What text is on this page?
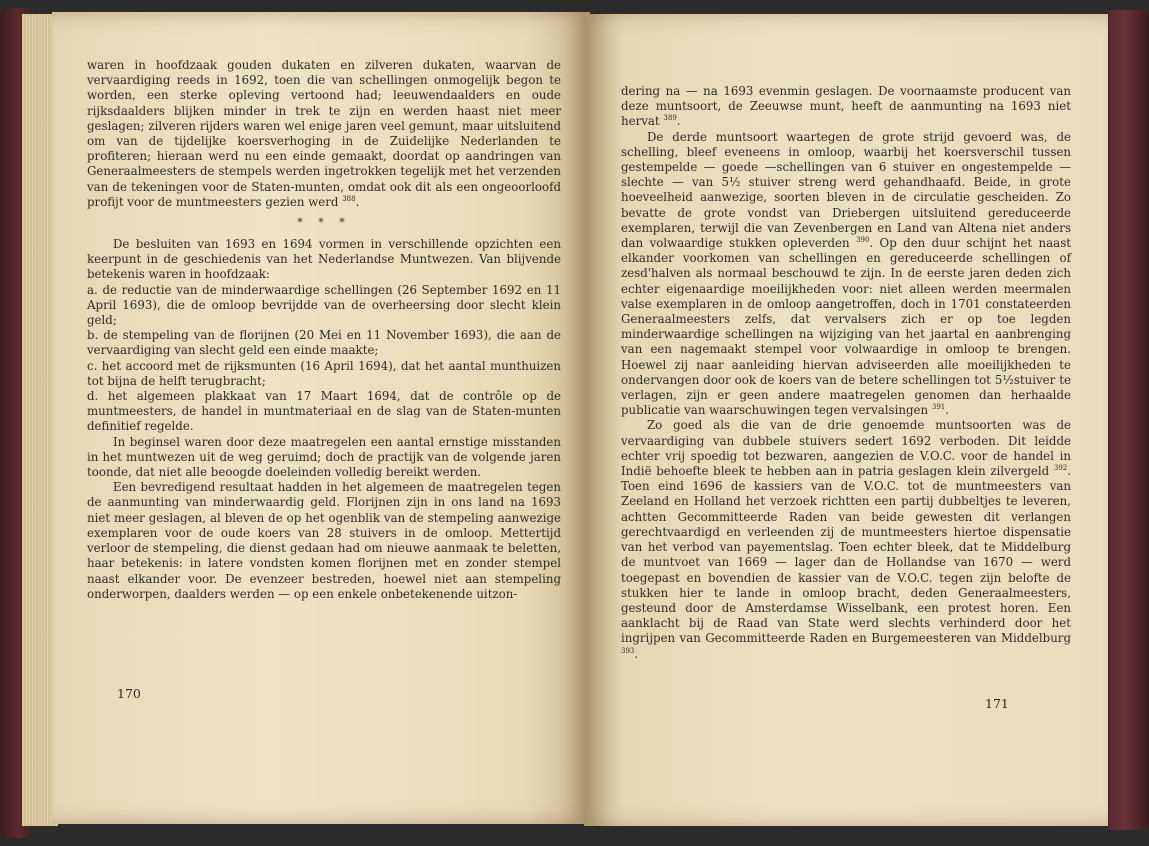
waren in hoofdzaak gouden dukaten en zilveren dukaten, waarvan de vervaardiging reeds in 1692, toen die van schellingen onmogelijk begon te worden, een sterke opleving vertoond had; leeuwendaalders en oude rijksdaalders blijken minder in trek te zijn en werden haast niet meer geslagen; zilveren rijders waren wel enige jaren veel gemunt, maar uitsluitend om van de tijdelijke koersverhoging in de Zuidelijke Nederlanden te profiteren; hieraan werd nu een einde gemaakt, doordat op aandringen van Generaalmeesters de stempels werden ingetrokken tegelijk met het verzenden van de tekeningen voor de Staten-munten, omdat ook dit als een ongeoorloofd profijt voor de muntmeesters gezien werd $^{388}$.

* * *

De besluiten van 1693 en 1694 vormen in verschillende opzichten een keerpunt in de geschiedenis van het Nederlandse Muntwezen. Van blijvende betekenis waren in hoofdzaak:

a. de reductie van de minderwaardige schellingen (26 September 1692 en 11 April 1693), die de omloop bevrijdde van de overheersing door slecht klein geld;

b. de stempeling van de florijnen (20 Mei en 11 November 1693), die aan de vervaardiging van slecht geld een einde maakte;

c. het accoord met de rijksmunten (16 April 1694), dat het aantal munthuizen tot bijna de helft terugbracht;

d. het algemeen plakkaat van 17 Maart 1694, dat de contrôle op de muntmeesters, de handel in muntmateriaal en de slag van de Staten-munten definitief regelde.

In beginsel waren door deze maatregelen een aantal ernstige misstanden in het muntwezen uit de weg geruimd; doch de practijk van de volgende jaren toonde, dat niet alle beoogde doeleinden volledig bereikt werden.

Een bevredigend resultaat hadden in het algemeen de maatregelen tegen de aanmunting van minderwaardig geld. Florijnen zijn in ons land na 1693 niet meer geslagen, al bleven de op het ogenblik van de stempeling aanwezige exemplaren voor de oude koers van 28 stuivers in de omloop. Mettertijd verloor de stempeling, die dienst gedaan had om nieuwe aanmaak te beletten, haar betekenis: in latere vondsten komen florijnen met en zonder stempel naast elkander voor. De evenzeer bestreden, hoewel niet aan stempeling onderworpen, daalders werden — op een enkele onbetekenende uitzon-

170

dering na — na 1693 evenmin geslagen. De voornaamste producent van deze muntsoort, de Zeeuwse munt, heeft de aanmunting na 1693 niet hervat $^{389}$.

De derde muntsoort waartegen de grote strijd gevoerd was, de schelling, bleef eveneens in omloop, waarbij het koersverschil tussen gestempelde — goede —schellingen van 6 stuiver en ongestempelde — slechte — van 5½ stuiver streng werd gehandhaafd. Beide, in grote hoeveelheid aanwezige, soorten bleven in de circulatie gescheiden. Zo bevatte de grote vondst van Driebergen uitsluitend gereduceerde exemplaren, terwijl die van Zevenbergen en Land van Altena niet anders dan volwaardige stukken opleverden $^{390}$. Op den duur schijnt het naast elkander voorkomen van schellingen en gereduceerde schellingen of zesd'halven als normaal beschouwd te zijn. In de eerste jaren deden zich echter eigenaardige moeilijkheden voor: niet alleen werden meermalen valse exemplaren in de omloop aangetroffen, doch in 1701 constateerden Generaalmeesters zelfs, dat vervalsers zich er op toe legden minderwaardige schellingen na wijziging van het jaartal en aanbrenging van een nagemaakt stempel voor volwaardige in omloop te brengen. Hoewel zij naar aanleiding hiervan adviseerden alle moeilijkheden te ondervangen door ook de koers van de betere schellingen tot 5½stuiver te verlagen, zijn er geen andere maatregelen genomen dan herhaalde publicatie van waarschuwingen tegen vervalsingen $^{391}$.

Zo goed als die van de drie genoemde muntsoorten was de vervaardiging van dubbele stuivers sedert 1692 verboden. Dit leidde echter vrij spoedig tot bezwaren, aangezien de V.O.C. voor de handel in Indië behoefte bleek te hebben aan in patria geslagen klein zilvergeld $^{392}$. Toen eind 1696 de kassiers van de V.O.C. tot de muntmeesters van Zeeland en Holland het verzoek richtten een partij dubbeltjes te leveren, achtten Gecommitteerde Raden van beide gewesten dit verlangen gerechtvaardigd en verleenden zij de muntmeesters hiertoe dispensatie van het verbod van payementslag. Toen echter bleek, dat te Middelburg de muntvoet van 1669 — lager dan de Hollandse van 1670 — werd toegepast en bovendien de kassier van de V.O.C. tegen zijn belofte de stukken hier te lande in omloop bracht, deden Generaalmeesters, gesteund door de Amsterdamse Wisselbank, een protest horen. Een aanklacht bij de Raad van State werd slechts verhinderd door het ingrijpen van Gecommitteerde Raden en Burgemeesteren van Middelburg $^{393}$.

171
